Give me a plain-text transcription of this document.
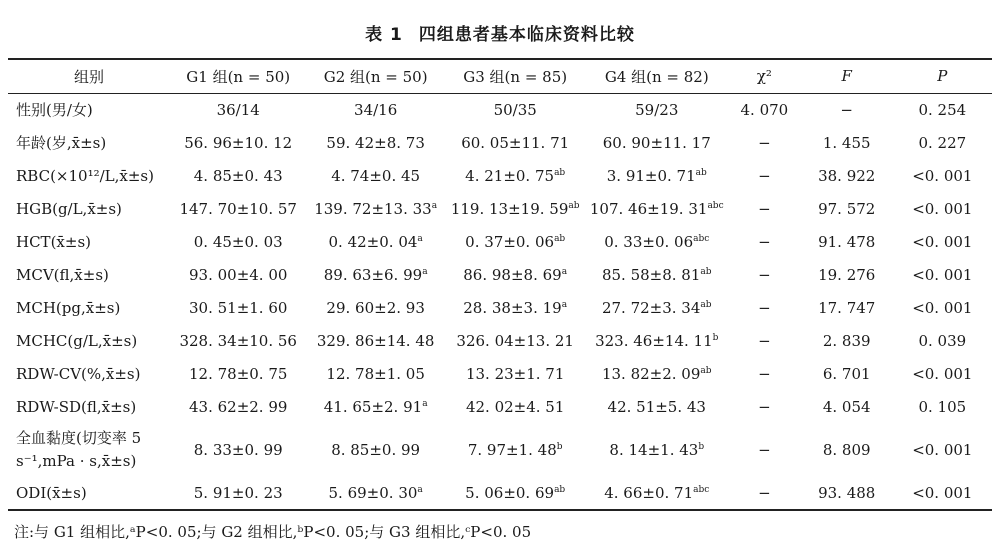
表 1 四组患者基本临床资料比较
组别	G1 组(n = 50)	G2 组(n = 50)	G3 组(n = 85)	G4 组(n = 82)	χ²	F	P
性别(男/女)	36/14	34/16	50/35	59/23	4. 070	−	0. 254
年龄(岁,x̄±s)	56. 96±10. 12	59. 42±8. 73	60. 05±11. 71	60. 90±11. 17	−	1. 455	0. 227
RBC(×10¹²/L,x̄±s)	4. 85±0. 43	4. 74±0. 45	4. 21±0. $75^{ab}$	3. 91±0. $71^{ab}$	−	38. 922	<0. 001
HGB(g/L,x̄±s)	147. 70±10. 57	139. 72±13. 33$^a$	119. 13±19. $59^{ab}$	107. 46±19. $31^{abc}$	−	97. 572	<0. 001
HCT(x̄±s)	0. 45±0. 03	0. 42±0. 04$^a$	0. 37±0. $06^{ab}$	0. 33±0. $06^{abc}$	−	91. 478	<0. 001
MCV(fl,x̄±s)	93. 00±4. 00	89. 63±6. 99$^a$	86. 98±8. 69$^a$	85. 58±8. $81^{ab}$	−	19. 276	<0. 001
MCH(pg,x̄±s)	30. 51±1. 60	29. 60±2. 93	28. 38±3. 19$^a$	27. 72±3. $34^{ab}$	−	17. 747	<0. 001
MCHC(g/L,x̄±s)	328. 34±10. 56	329. 86±14. 48	326. 04±13. 21	323. 46±14. $11^b$	−	2. 839	0. 039
RDW-CV(%,x̄±s)	12. 78±0. 75	12. 78±1. 05	13. 23±1. 71	13. 82±2. $09^{ab}$	−	6. 701	<0. 001
RDW-SD(fl,x̄±s)	43. 62±2. 99	41. 65±2. 91$^a$	42. 02±4. 51	42. 51±5. 43	−	4. 054	0. 105
全血黏度(切变率 5 s⁻¹,mPa · s,x̄±s)	8. 33±0. 99	8. 85±0. 99	7. 97±1. 48$^b$	8. 14±1. $43^b$	−	8. 809	<0. 001
ODI(x̄±s)	5. 91±0. 23	5. 69±0. 30$^a$	5. 06±0. $69^{ab}$	4. 66±0. $71^{abc}$	−	93. 488	<0. 001
注:与 G1 组相比,ᵃP<0. 05;与 G2 组相比,ᵇP<0. 05;与 G3 组相比,ᶜP<0. 05
